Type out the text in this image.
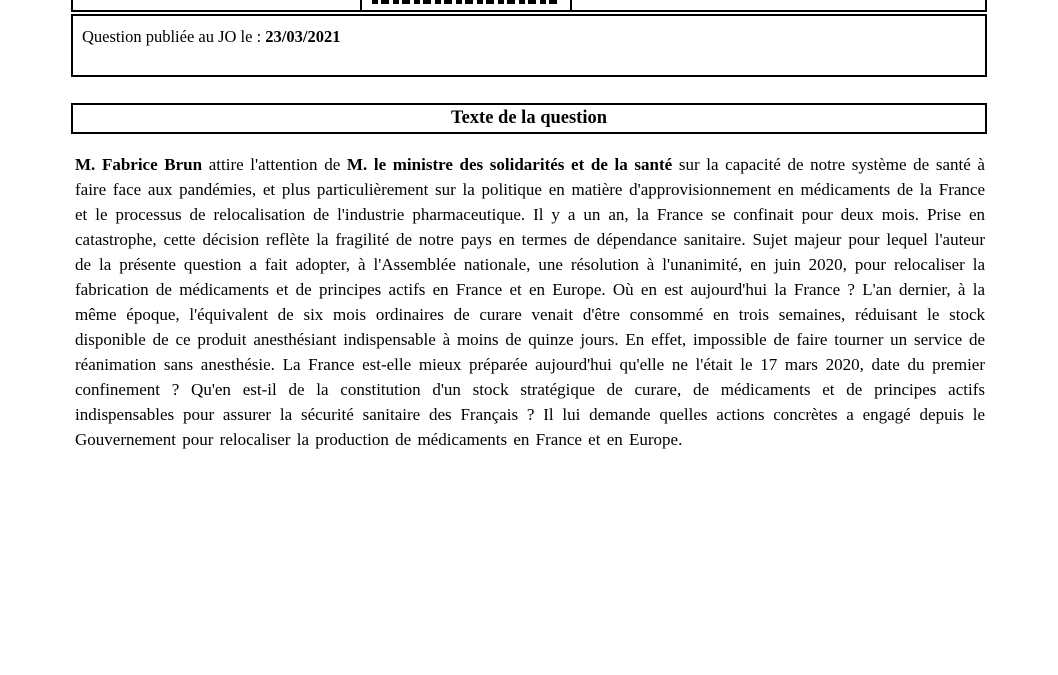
Question publiée au JO le : 23/03/2021
Texte de la question
M. Fabrice Brun attire l'attention de M. le ministre des solidarités et de la santé sur la capacité de notre système de santé à faire face aux pandémies, et plus particulièrement sur la politique en matière d'approvisionnement en médicaments de la France et le processus de relocalisation de l'industrie pharmaceutique. Il y a un an, la France se confinait pour deux mois. Prise en catastrophe, cette décision reflète la fragilité de notre pays en termes de dépendance sanitaire. Sujet majeur pour lequel l'auteur de la présente question a fait adopter, à l'Assemblée nationale, une résolution à l'unanimité, en juin 2020, pour relocaliser la fabrication de médicaments et de principes actifs en France et en Europe. Où en est aujourd'hui la France ? L'an dernier, à la même époque, l'équivalent de six mois ordinaires de curare venait d'être consommé en trois semaines, réduisant le stock disponible de ce produit anesthésiant indispensable à moins de quinze jours. En effet, impossible de faire tourner un service de réanimation sans anesthésie. La France est-elle mieux préparée aujourd'hui qu'elle ne l'était le 17 mars 2020, date du premier confinement ? Qu'en est-il de la constitution d'un stock stratégique de curare, de médicaments et de principes actifs indispensables pour assurer la sécurité sanitaire des Français ? Il lui demande quelles actions concrètes a engagé depuis le Gouvernement pour relocaliser la production de médicaments en France et en Europe.
